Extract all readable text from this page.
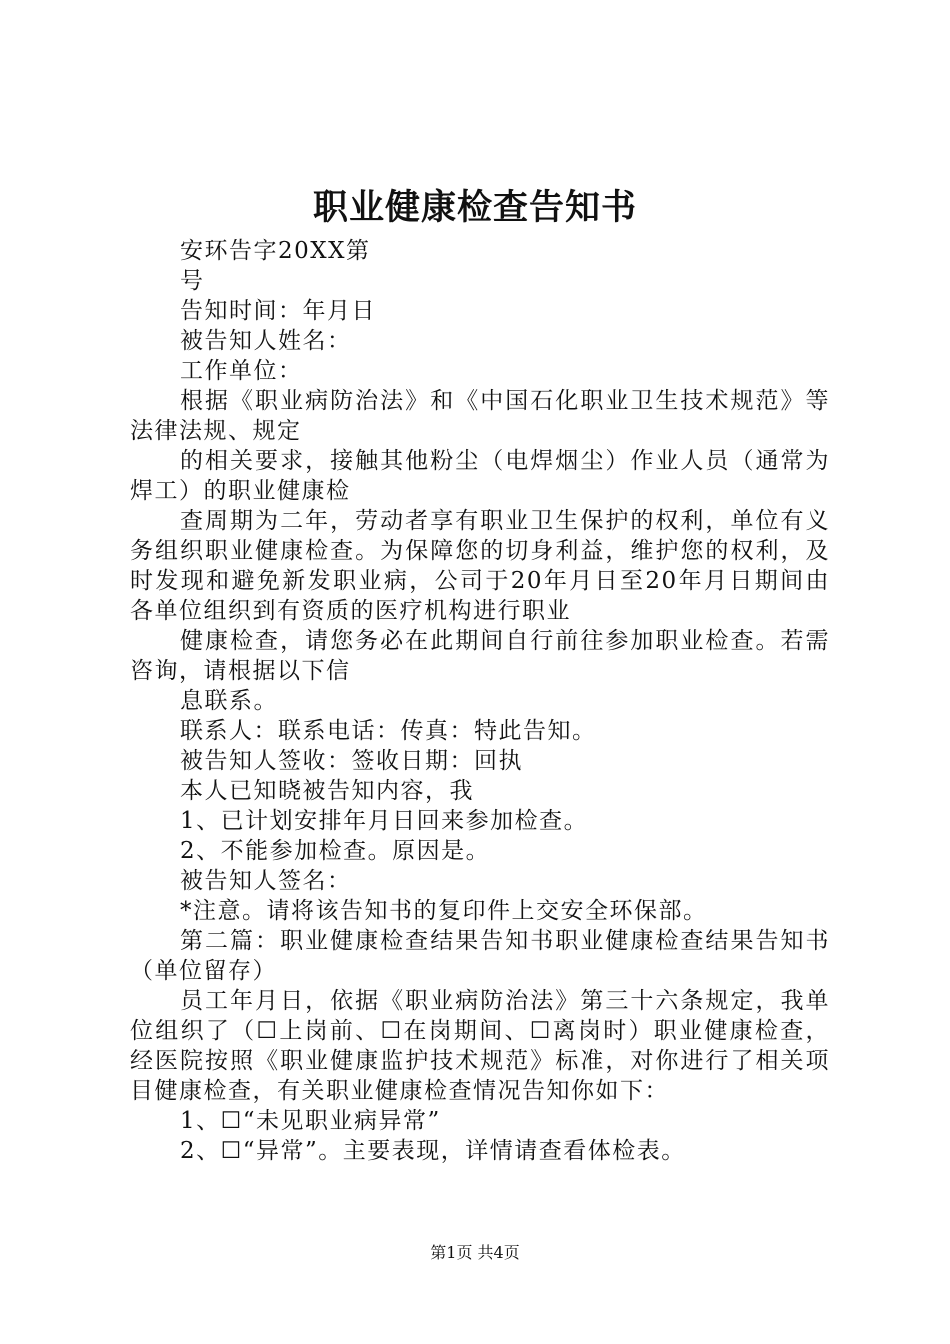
职业健康检查告知书

安环告字20XX第

号

告知时间：年月日

被告知人姓名：

工作单位：

根据《职业病防治法》和《中国石化职业卫生技术规范》等法律法规、规定

的相关要求，接触其他粉尘（电焊烟尘）作业人员（通常为焊工）的职业健康检

查周期为二年，劳动者享有职业卫生保护的权利，单位有义务组织职业健康检查。为保障您的切身利益，维护您的权利，及时发现和避免新发职业病，公司于20年月日至20年月日期间由各单位组织到有资质的医疗机构进行职业

健康检查，请您务必在此期间自行前往参加职业检查。若需咨询，请根据以下信

息联系。

联系人：联系电话：传真：特此告知。

被告知人签收：签收日期：回执

本人已知晓被告知内容，我

1、已计划安排年月日回来参加检查。

2、不能参加检查。原因是。

被告知人签名：

*注意。请将该告知书的复印件上交安全环保部。

第二篇：职业健康检查结果告知书职业健康检查结果告知书（单位留存）

员工年月日，依据《职业病防治法》第三十六条规定，我单位组织了（☐上岗前、☐在岗期间、☐离岗时）职业健康检查，经医院按照《职业健康监护技术规范》标准，对你进行了相关项目健康检查，有关职业健康检查情况告知你如下：

1、☐“未见职业病异常”

2、☐“异常”。主要表现，详情请查看体检表。

第1页 共4页
